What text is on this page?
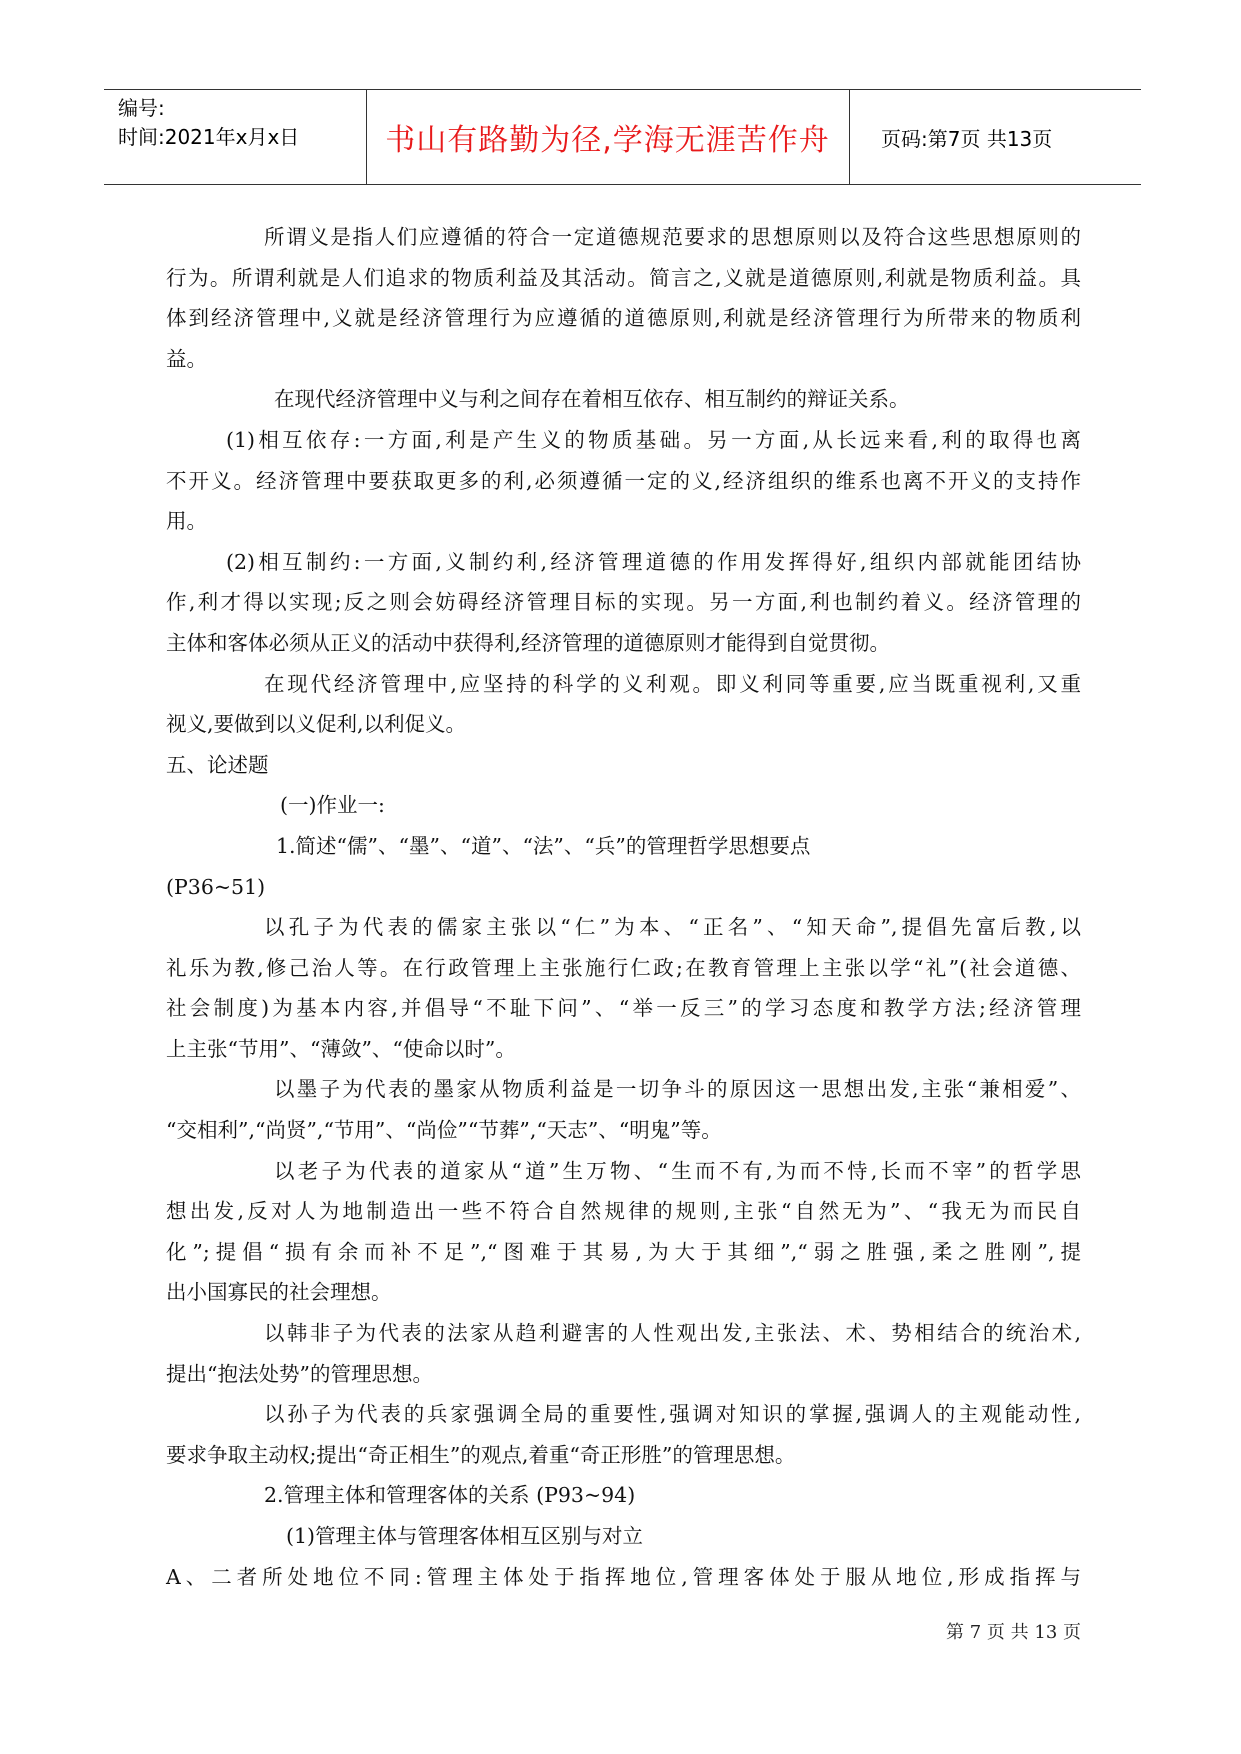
编号:
时间:2021年x月x日	书山有路勤为径,学海无涯苦作舟	页码:第7页 共13页
所谓义是指人们应遵循的符合一定道德规范要求的思想原则以及符合这些思想原则的
行为。所谓利就是人们追求的物质利益及其活动。简言之,义就是道德原则,利就是物质利益。具
体到经济管理中,义就是经济管理行为应遵循的道德原则,利就是经济管理行为所带来的物质利
益。
在现代经济管理中义与利之间存在着相互依存、相互制约的辩证关系。
(1)相互依存:一方面,利是产生义的物质基础。另一方面,从长远来看,利的取得也离
不开义。经济管理中要获取更多的利,必须遵循一定的义,经济组织的维系也离不开义的支持作
用。
(2)相互制约:一方面,义制约利,经济管理道德的作用发挥得好,组织内部就能团结协
作,利才得以实现;反之则会妨碍经济管理目标的实现。另一方面,利也制约着义。经济管理的
主体和客体必须从正义的活动中获得利,经济管理的道德原则才能得到自觉贯彻。
在现代经济管理中,应坚持的科学的义利观。即义利同等重要,应当既重视利,又重
视义,要做到以义促利,以利促义。
五、论述题
(一)作业一:
1.简述“儒”、“墨”、“道”、“法”、“兵”的管理哲学思想要点
(P36~51)
以孔子为代表的儒家主张以“仁”为本、“正名”、“知天命”,提倡先富后教,以
礼乐为教,修己治人等。在行政管理上主张施行仁政;在教育管理上主张以学“礼”(社会道德、
社会制度)为基本内容,并倡导“不耻下问”、“举一反三”的学习态度和教学方法;经济管理
上主张“节用”、“薄敛”、“使命以时”。
以墨子为代表的墨家从物质利益是一切争斗的原因这一思想出发,主张“兼相爱”、
“交相利”,“尚贤”,“节用”、“尚俭”“节葬”,“天志”、“明鬼”等。
以老子为代表的道家从“道”生万物、“生而不有,为而不恃,长而不宰”的哲学思
想出发,反对人为地制造出一些不符合自然规律的规则,主张“自然无为”、“我无为而民自
化”;提倡“损有余而补不足”,“图难于其易,为大于其细”,“弱之胜强,柔之胜刚”,提
出小国寡民的社会理想。
以韩非子为代表的法家从趋利避害的人性观出发,主张法、术、势相结合的统治术,
提出“抱法处势”的管理思想。
以孙子为代表的兵家强调全局的重要性,强调对知识的掌握,强调人的主观能动性,
要求争取主动权;提出“奇正相生”的观点,着重“奇正形胜”的管理思想。
2.管理主体和管理客体的关系 (P93~94)
(1)管理主体与管理客体相互区别与对立
A、二者所处地位不同:管理主体处于指挥地位,管理客体处于服从地位,形成指挥与
第 7 页 共 13 页
